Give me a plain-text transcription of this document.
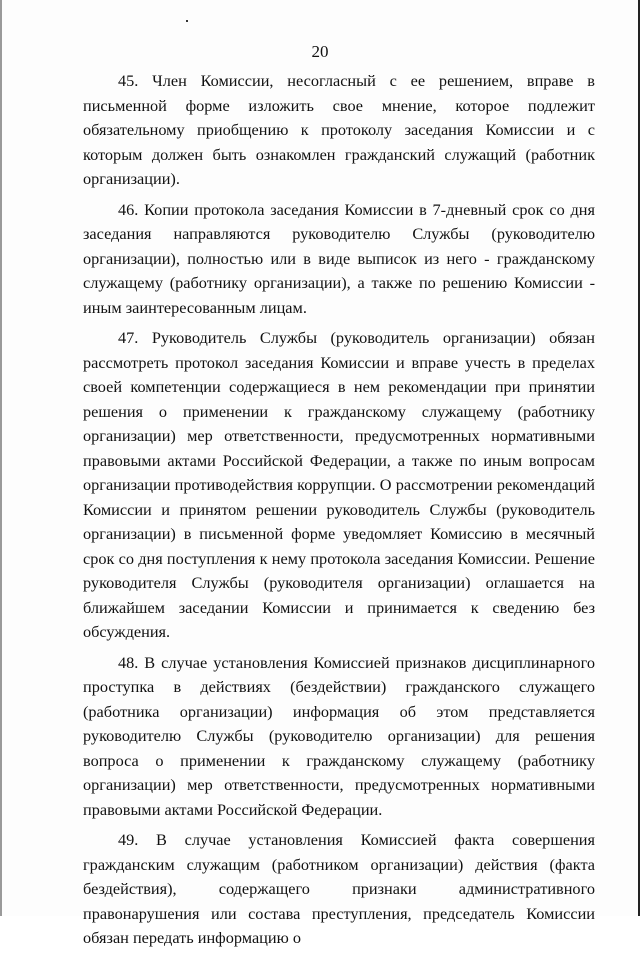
20

45. Член Комиссии, несогласный с ее решением, вправе в письменной форме изложить свое мнение, которое подлежит обязательному приобщению к протоколу заседания Комиссии и с которым должен быть ознакомлен гражданский служащий (работник организации).

46. Копии протокола заседания Комиссии в 7-дневный срок со дня заседания направляются руководителю Службы (руководителю организации), полностью или в виде выписок из него - гражданскому служащему (работнику организации), а также по решению Комиссии - иным заинтересованным лицам.

47. Руководитель Службы (руководитель организации) обязан рассмотреть протокол заседания Комиссии и вправе учесть в пределах своей компетенции содержащиеся в нем рекомендации при принятии решения о применении к гражданскому служащему (работнику организации) мер ответственности, предусмотренных нормативными правовыми актами Российской Федерации, а также по иным вопросам организации противодействия коррупции. О рассмотрении рекомендаций Комиссии и принятом решении руководитель Службы (руководитель организации) в письменной форме уведомляет Комиссию в месячный срок со дня поступления к нему протокола заседания Комиссии. Решение руководителя Службы (руководителя организации) оглашается на ближайшем заседании Комиссии и принимается к сведению без обсуждения.

48. В случае установления Комиссией признаков дисциплинарного проступка в действиях (бездействии) гражданского служащего (работника организации) информация об этом представляется руководителю Службы (руководителю организации) для решения вопроса о применении к гражданскому служащему (работнику организации) мер ответственности, предусмотренных нормативными правовыми актами Российской Федерации.

49. В случае установления Комиссией факта совершения гражданским служащим (работником организации) действия (факта бездействия), содержащего признаки административного правонарушения или состава преступления, председатель Комиссии обязан передать информацию о
